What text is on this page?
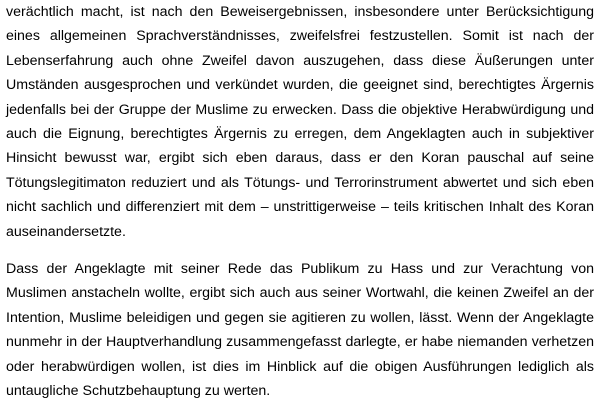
verächtlich macht, ist nach den Beweisergebnissen, insbesondere unter Berücksichtigung
eines allgemeinen Sprachverständnisses, zweifelsfrei festzustellen. Somit ist nach der
Lebenserfahrung auch ohne Zweifel davon auszugehen, dass diese Äußerungen unter
Umständen ausgesprochen und verkündet wurden, die geeignet sind, berechtigtes Ärgernis
jedenfalls bei der Gruppe der Muslime zu erwecken. Dass die objektive Herabwürdigung und
auch die Eignung, berechtigtes Ärgernis zu erregen, dem Angeklagten auch in subjektiver
Hinsicht bewusst war, ergibt sich eben daraus, dass er den Koran pauschal auf seine
Tötungslegitimaton reduziert und als Tötungs- und Terrorinstrument abwertet und sich eben
nicht sachlich und differenziert mit dem – unstrittigerweise – teils kritischen Inhalt des Koran
auseinandersetzte.
Dass der Angeklagte mit seiner Rede das Publikum zu Hass und zur Verachtung von
Muslimen anstacheln wollte, ergibt sich auch aus seiner Wortwahl, die keinen Zweifel an der
Intention, Muslime beleidigen und gegen sie agitieren zu wollen, lässt. Wenn der Angeklagte
nunmehr in der Hauptverhandlung zusammengefasst darlegte, er habe niemanden verhetzen
oder herabwürdigen wollen, ist dies im Hinblick auf die obigen Ausführungen lediglich als
untaugliche Schutzbehauptung zu werten.
